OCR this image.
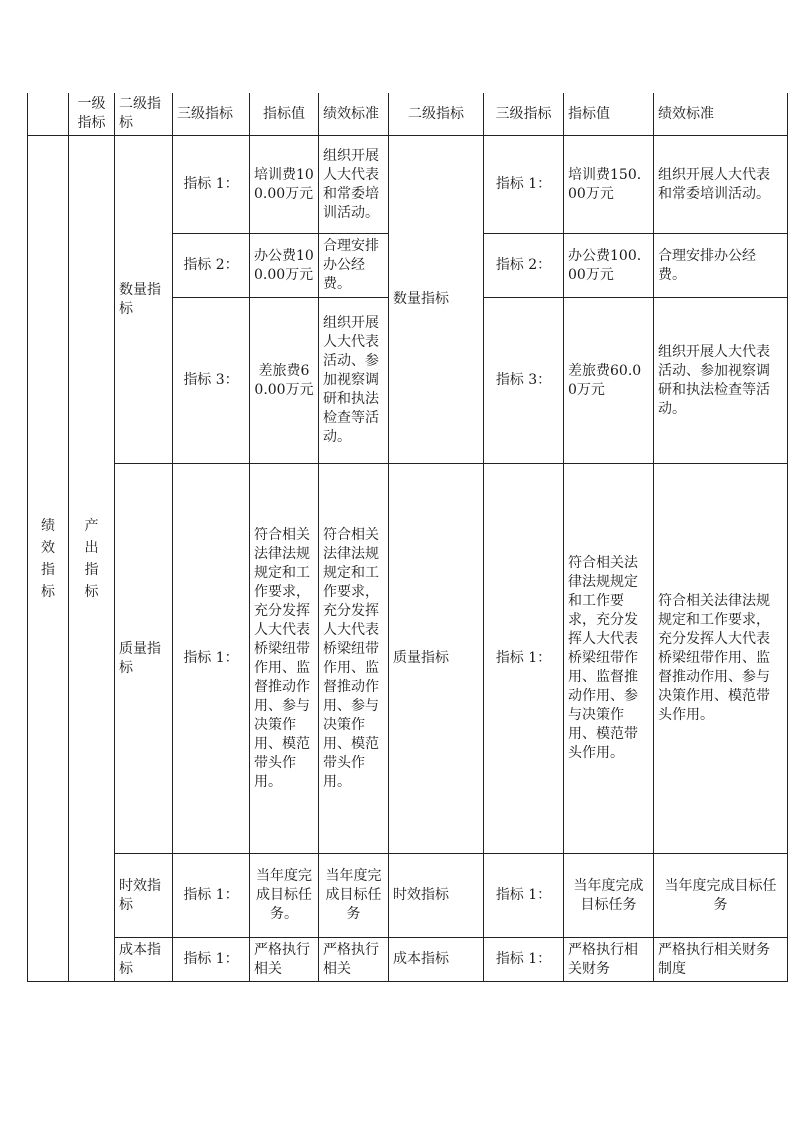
	一级指标	二级指标	三级指标	指标值	绩效标准	二级指标	三级指标	指标值	绩效标准

绩效指标	产出指标	数量指标	指标 1：	培训费100.00万元	组织开展人大代表和常委培训活动。	数量指标	指标 1：	培训费150.00万元	组织开展人大代表和常委培训活动。
			指标 2：	办公费100.00万元	合理安排办公经费。		指标 2：	办公费100.00万元	合理安排办公经费。
			指标 3：	差旅费60.00万元	组织开展人大代表活动、参加视察调研和执法检查等活动。		指标 3：	差旅费60.00万元	组织开展人大代表活动、参加视察调研和执法检查等活动。
		质量指标	指标 1：	符合相关法律法规规定和工作要求，充分发挥人大代表桥梁纽带作用、监督推动作用、参与决策作用、模范带头作用。	符合相关法律法规规定和工作要求，充分发挥人大代表桥梁纽带作用、监督推动作用、参与决策作用、模范带头作用。	质量指标	指标 1：	符合相关法律法规规定和工作要求，充分发挥人大代表桥梁纽带作用、监督推动作用、参与决策作用、模范带头作用。	符合相关法律法规规定和工作要求，充分发挥人大代表桥梁纽带作用、监督推动作用、参与决策作用、模范带头作用。
		时效指标	指标 1：	当年度完成目标任务。	当年度完成目标任务	时效指标	指标 1：	当年度完成目标任务	当年度完成目标任务
		成本指标	指标 1：	严格执行相关	严格执行相关	成本指标	指标 1：	严格执行相关财务	严格执行相关财务制度
